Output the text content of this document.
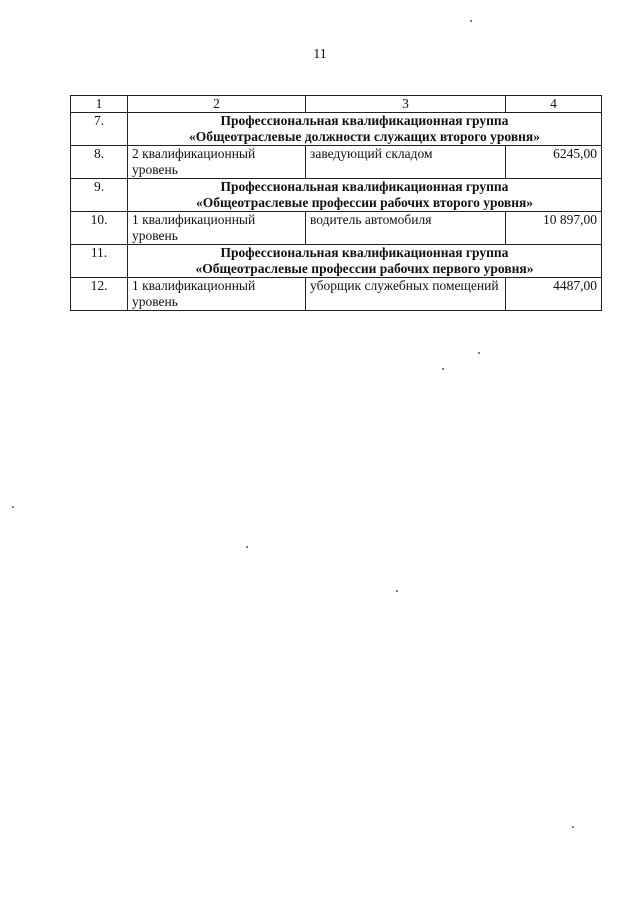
11
1	2	3	4
7.	Профессиональная квалификационная группа
«Общеотраслевые должности служащих второго уровня»		

8.	2 квалификационный уровень	заведующий складом	6245,00
9.	Профессиональная квалификационная группа
«Общеотраслевые профессии рабочих второго уровня»		

10.	1 квалификационный уровень	водитель автомобиля	10 897,00
11.	Профессиональная квалификационная группа
«Общеотраслевые профессии рабочих первого уровня»		

12.	1 квалификационный уровень	уборщик служебных помещений	4487,00
